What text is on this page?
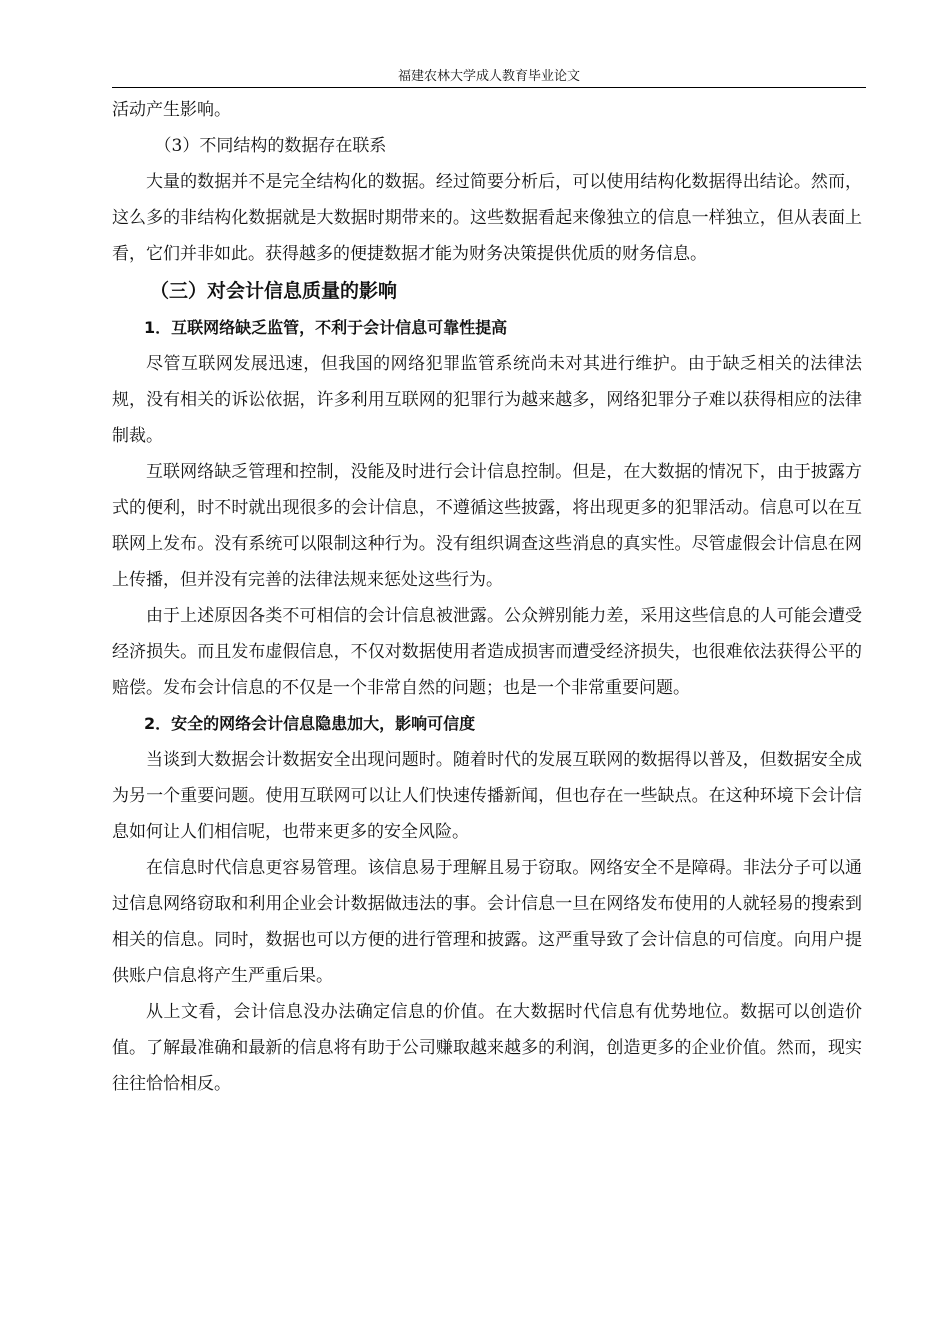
福建农林大学成人教育毕业论文

活动产生影响。

（3）不同结构的数据存在联系

大量的数据并不是完全结构化的数据。经过简要分析后，可以使用结构化数据得出结论。然而，这么多的非结构化数据就是大数据时期带来的。这些数据看起来像独立的信息一样独立，但从表面上看，它们并非如此。获得越多的便捷数据才能为财务决策提供优质的财务信息。

（三）对会计信息质量的影响

1．互联网络缺乏监管，不利于会计信息可靠性提高

尽管互联网发展迅速，但我国的网络犯罪监管系统尚未对其进行维护。由于缺乏相关的法律法规，没有相关的诉讼依据，许多利用互联网的犯罪行为越来越多，网络犯罪分子难以获得相应的法律制裁。

互联网络缺乏管理和控制，没能及时进行会计信息控制。但是，在大数据的情况下，由于披露方式的便利，时不时就出现很多的会计信息，不遵循这些披露，将出现更多的犯罪活动。信息可以在互联网上发布。没有系统可以限制这种行为。没有组织调查这些消息的真实性。尽管虚假会计信息在网上传播，但并没有完善的法律法规来惩处这些行为。

由于上述原因各类不可相信的会计信息被泄露。公众辨别能力差，采用这些信息的人可能会遭受经济损失。而且发布虚假信息，不仅对数据使用者造成损害而遭受经济损失，也很难依法获得公平的赔偿。发布会计信息的不仅是一个非常自然的问题；也是一个非常重要问题。

2．安全的网络会计信息隐患加大，影响可信度

当谈到大数据会计数据安全出现问题时。随着时代的发展互联网的数据得以普及，但数据安全成为另一个重要问题。使用互联网可以让人们快速传播新闻，但也存在一些缺点。在这种环境下会计信息如何让人们相信呢，也带来更多的安全风险。

在信息时代信息更容易管理。该信息易于理解且易于窃取。网络安全不是障碍。非法分子可以通过信息网络窃取和利用企业会计数据做违法的事。会计信息一旦在网络发布使用的人就轻易的搜索到相关的信息。同时，数据也可以方便的进行管理和披露。这严重导致了会计信息的可信度。向用户提供账户信息将产生严重后果。

从上文看，会计信息没办法确定信息的价值。在大数据时代信息有优势地位。数据可以创造价值。了解最准确和最新的信息将有助于公司赚取越来越多的利润，创造更多的企业价值。然而，现实往往恰恰相反。
